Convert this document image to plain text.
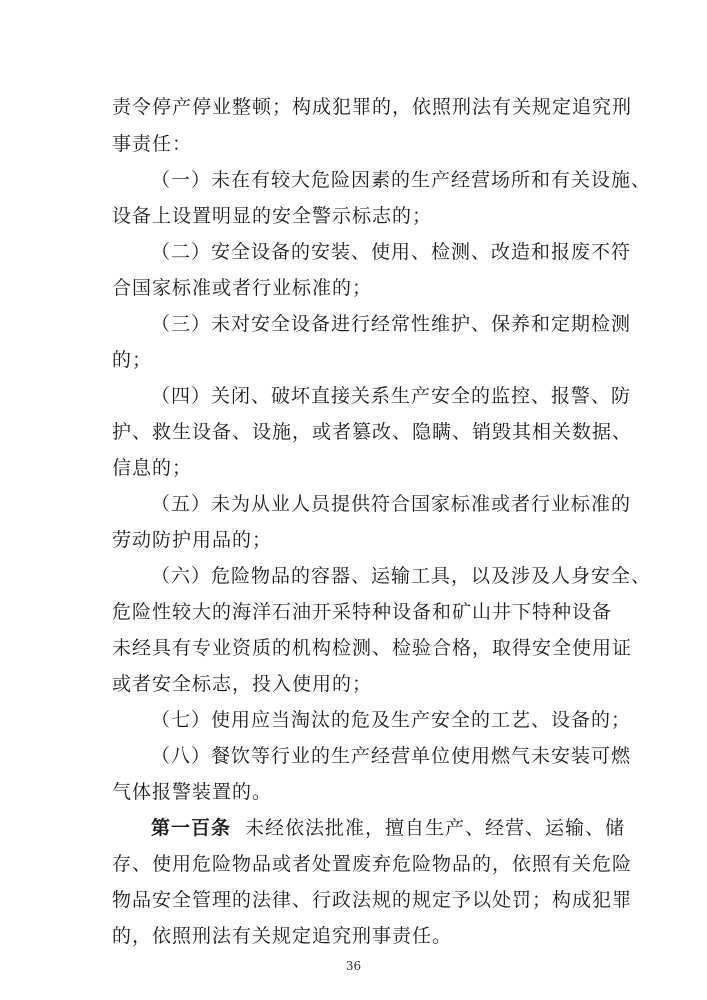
责令停产停业整顿；构成犯罪的，依照刑法有关规定追究刑
事责任：
（一）未在有较大危险因素的生产经营场所和有关设施、
设备上设置明显的安全警示标志的；
（二）安全设备的安装、使用、检测、改造和报废不符
合国家标准或者行业标准的；
（三）未对安全设备进行经常性维护、保养和定期检测
的；
（四）关闭、破坏直接关系生产安全的监控、报警、防
护、救生设备、设施，或者篡改、隐瞒、销毁其相关数据、
信息的；
（五）未为从业人员提供符合国家标准或者行业标准的
劳动防护用品的；
（六）危险物品的容器、运输工具，以及涉及人身安全、
危险性较大的海洋石油开采特种设备和矿山井下特种设备
未经具有专业资质的机构检测、检验合格，取得安全使用证
或者安全标志，投入使用的；
（七）使用应当淘汰的危及生产安全的工艺、设备的；
（八）餐饮等行业的生产经营单位使用燃气未安装可燃
气体报警装置的。
第一百条 未经依法批准，擅自生产、经营、运输、储
存、使用危险物品或者处置废弃危险物品的，依照有关危险
物品安全管理的法律、行政法规的规定予以处罚；构成犯罪
的，依照刑法有关规定追究刑事责任。
36
